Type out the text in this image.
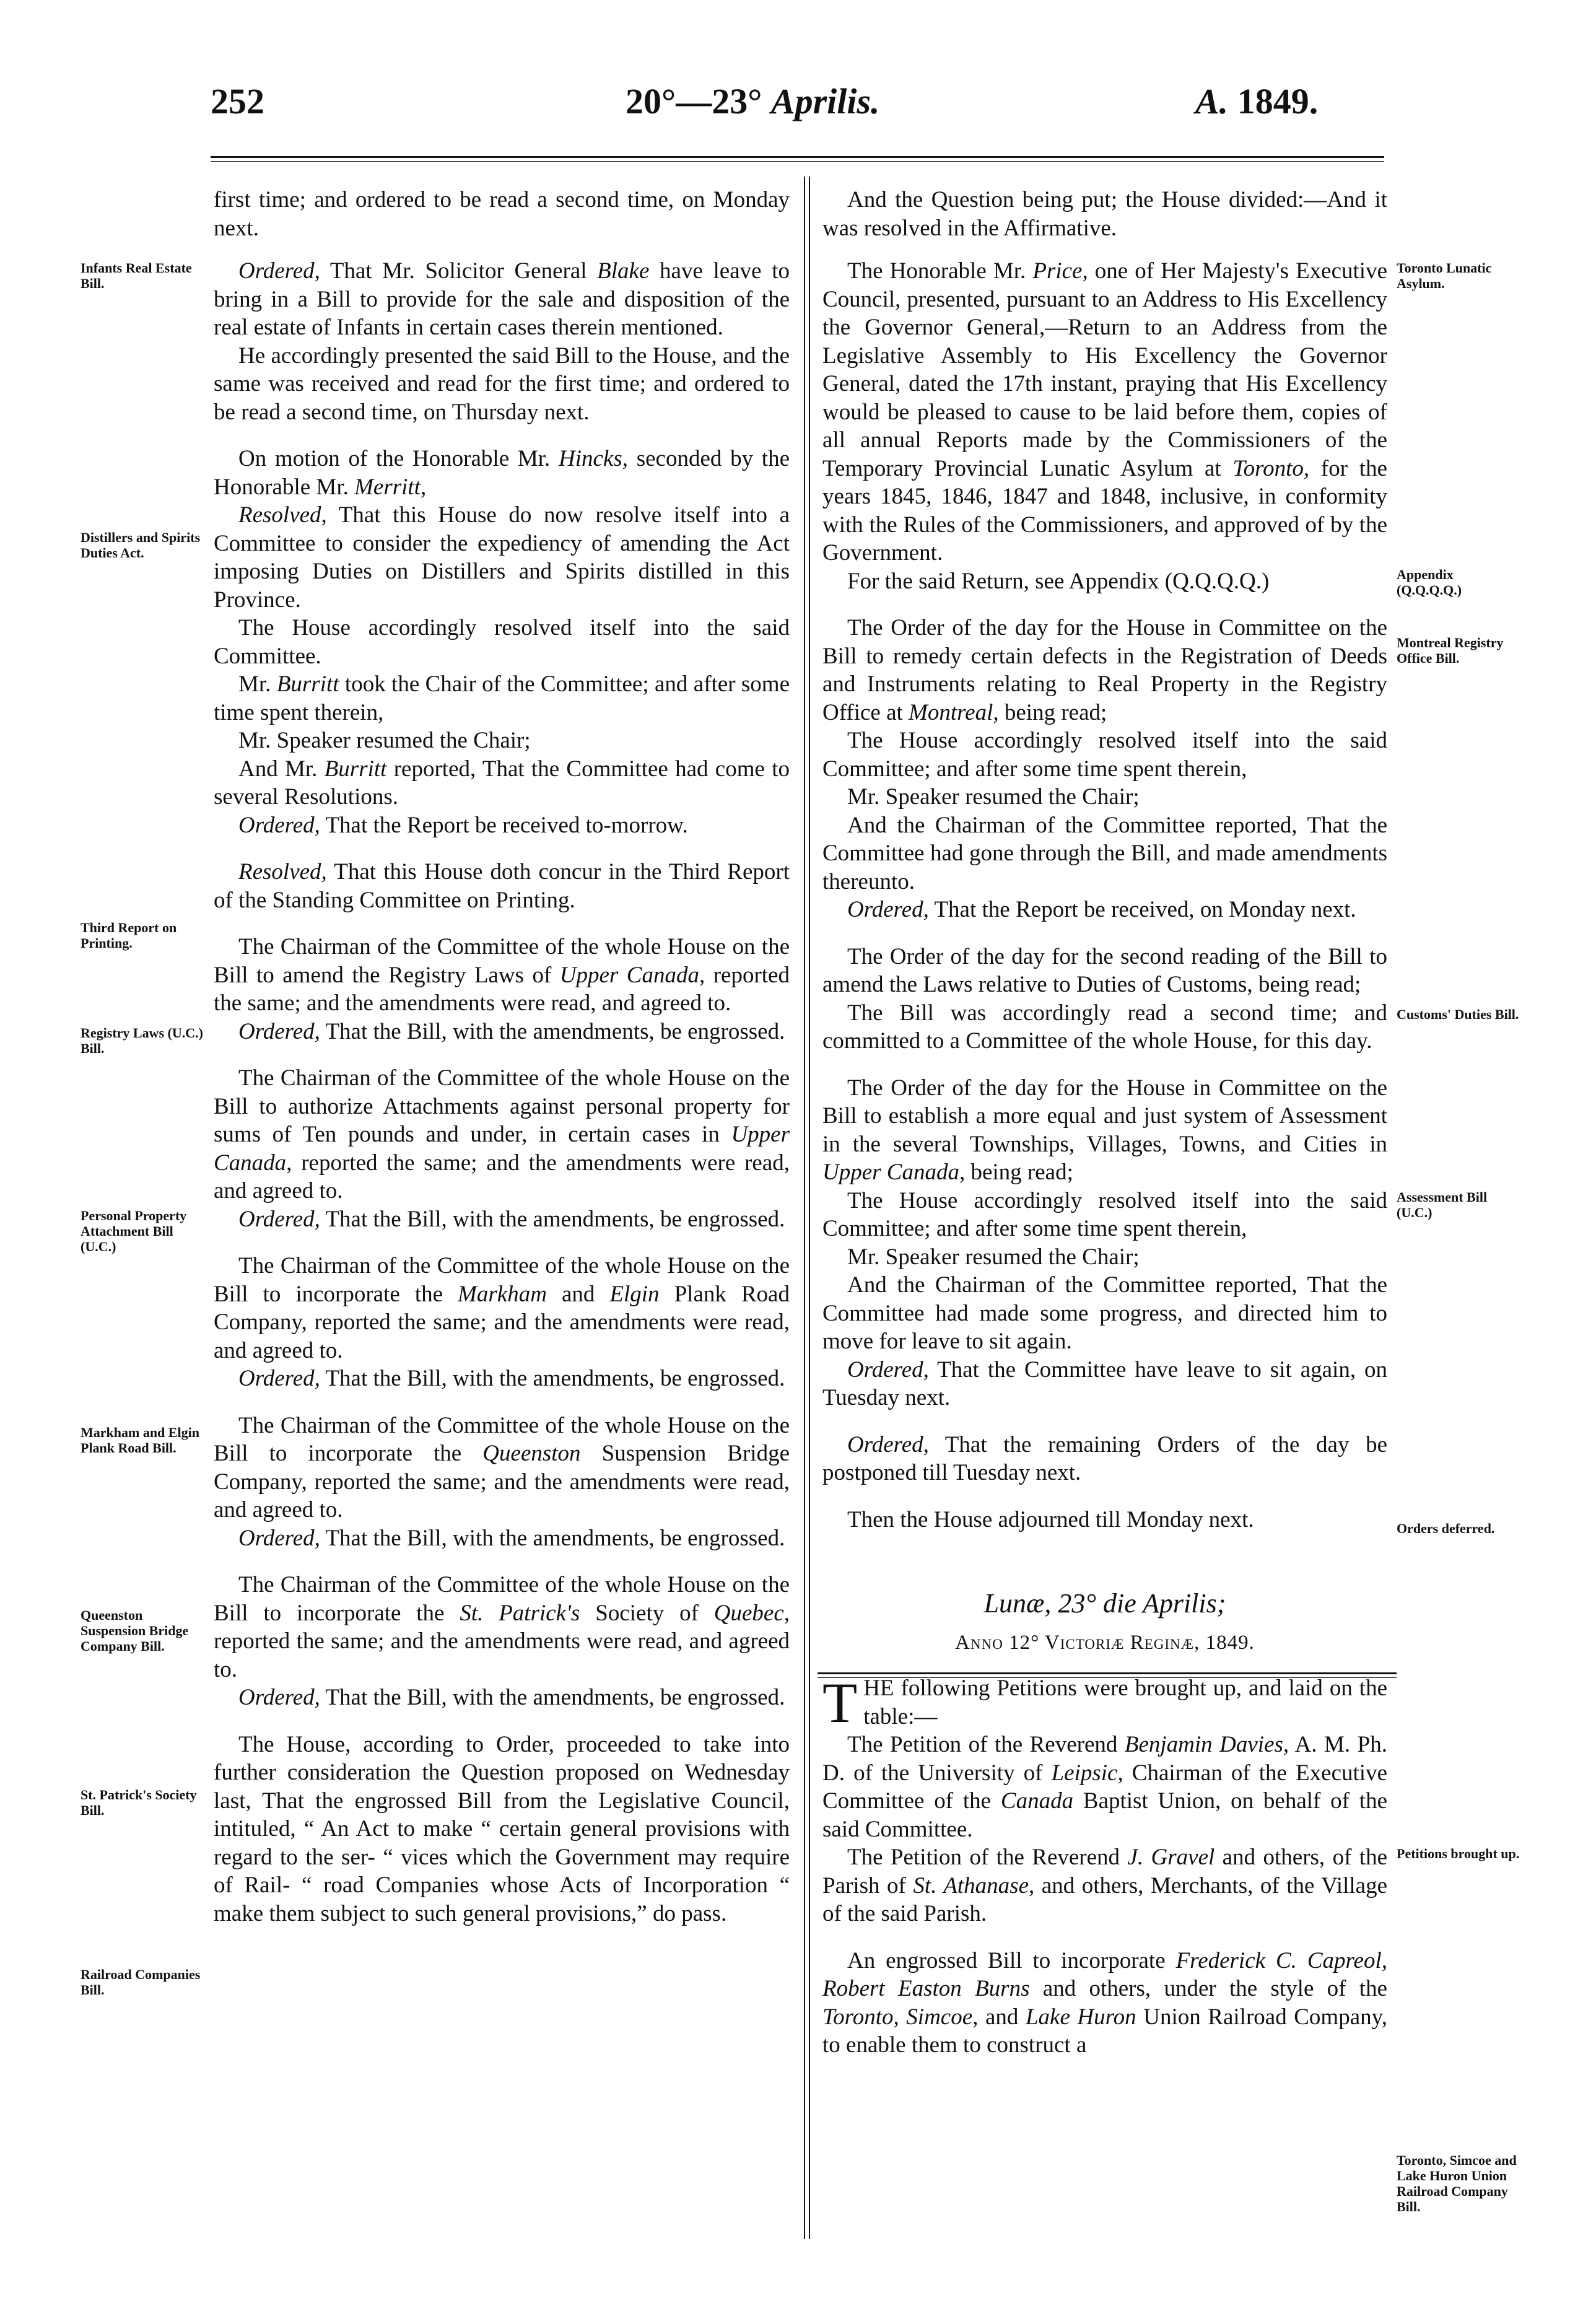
252	20°—23° Aprilis.	A. 1849.
Infants Real Estate Bill.
Distillers and Spirits Duties Act.
Third Report on Printing.
Registry Laws (U.C.) Bill.
Personal Property Attachment Bill (U.C.)
Markham and Elgin Plank Road Bill.
Queenston Suspension Bridge Company Bill.
St. Patrick's Society Bill.
Railroad Companies Bill.
Toronto Lunatic Asylum.
Appendix (Q.Q.Q.Q.)
Montreal Registry Office Bill.
Customs' Duties Bill.
Assessment Bill (U.C.)
Orders deferred.
Petitions brought up.
Toronto, Simcoe and Lake Huron Union Railroad Company Bill.

first time; and ordered to be read a second time, on Monday next.

Ordered, That Mr. Solicitor General Blake have leave to bring in a Bill to provide for the sale and disposition of the real estate of Infants in certain cases therein mentioned.

He accordingly presented the said Bill to the House, and the same was received and read for the first time; and ordered to be read a second time, on Thursday next.

On motion of the Honorable Mr. Hincks, seconded by the Honorable Mr. Merritt,

Resolved, That this House do now resolve itself into a Committee to consider the expediency of amending the Act imposing Duties on Distillers and Spirits distilled in this Province.

The House accordingly resolved itself into the said Committee.

Mr. Burritt took the Chair of the Committee; and after some time spent therein,

Mr. Speaker resumed the Chair;

And Mr. Burritt reported, That the Committee had come to several Resolutions.

Ordered, That the Report be received to-morrow.

Resolved, That this House doth concur in the Third Report of the Standing Committee on Printing.

The Chairman of the Committee of the whole House on the Bill to amend the Registry Laws of Upper Canada, reported the same; and the amendments were read, and agreed to.

Ordered, That the Bill, with the amendments, be engrossed.

The Chairman of the Committee of the whole House on the Bill to authorize Attachments against personal property for sums of Ten pounds and under, in certain cases in Upper Canada, reported the same; and the amendments were read, and agreed to.

Ordered, That the Bill, with the amendments, be engrossed.

The Chairman of the Committee of the whole House on the Bill to incorporate the Markham and Elgin Plank Road Company, reported the same; and the amendments were read, and agreed to.

Ordered, That the Bill, with the amendments, be engrossed.

The Chairman of the Committee of the whole House on the Bill to incorporate the Queenston Suspension Bridge Company, reported the same; and the amendments were read, and agreed to.

Ordered, That the Bill, with the amendments, be engrossed.

The Chairman of the Committee of the whole House on the Bill to incorporate the St. Patrick's Society of Quebec, reported the same; and the amendments were read, and agreed to.

Ordered, That the Bill, with the amendments, be engrossed.

The House, according to Order, proceeded to take into further consideration the Question proposed on Wednesday last, That the engrossed Bill from the Legislative Council, intituled, “ An Act to make “ certain general provisions with regard to the ser- “ vices which the Government may require of Rail- “ road Companies whose Acts of Incorporation “ make them subject to such general provisions,” do pass.

And the Question being put; the House divided:—And it was resolved in the Affirmative.

The Honorable Mr. Price, one of Her Majesty's Executive Council, presented, pursuant to an Address to His Excellency the Governor General,—Return to an Address from the Legislative Assembly to His Excellency the Governor General, dated the 17th instant, praying that His Excellency would be pleased to cause to be laid before them, copies of all annual Reports made by the Commissioners of the Temporary Provincial Lunatic Asylum at Toronto, for the years 1845, 1846, 1847 and 1848, inclusive, in conformity with the Rules of the Commissioners, and approved of by the Government.

For the said Return, see Appendix (Q.Q.Q.Q.)

The Order of the day for the House in Committee on the Bill to remedy certain defects in the Registration of Deeds and Instruments relating to Real Property in the Registry Office at Montreal, being read;

The House accordingly resolved itself into the said Committee; and after some time spent therein,

Mr. Speaker resumed the Chair;

And the Chairman of the Committee reported, That the Committee had gone through the Bill, and made amendments thereunto.

Ordered, That the Report be received, on Monday next.

The Order of the day for the second reading of the Bill to amend the Laws relative to Duties of Customs, being read;

The Bill was accordingly read a second time; and committed to a Committee of the whole House, for this day.

The Order of the day for the House in Committee on the Bill to establish a more equal and just system of Assessment in the several Townships, Villages, Towns, and Cities in Upper Canada, being read;

The House accordingly resolved itself into the said Committee; and after some time spent therein,

Mr. Speaker resumed the Chair;

And the Chairman of the Committee reported, That the Committee had made some progress, and directed him to move for leave to sit again.

Ordered, That the Committee have leave to sit again, on Tuesday next.

Ordered, That the remaining Orders of the day be postponed till Tuesday next.

Then the House adjourned till Monday next.

Lunæ, 23° die Aprilis;
Anno 12° Victoriæ Reginæ, 1849.

THE following Petitions were brought up, and laid on the table:—

The Petition of the Reverend Benjamin Davies, A. M. Ph. D. of the University of Leipsic, Chairman of the Executive Committee of the Canada Baptist Union, on behalf of the said Committee.

The Petition of the Reverend J. Gravel and others, of the Parish of St. Athanase, and others, Merchants, of the Village of the said Parish.

An engrossed Bill to incorporate Frederick C. Capreol, Robert Easton Burns and others, under the style of the Toronto, Simcoe, and Lake Huron Union Railroad Company, to enable them to construct a
